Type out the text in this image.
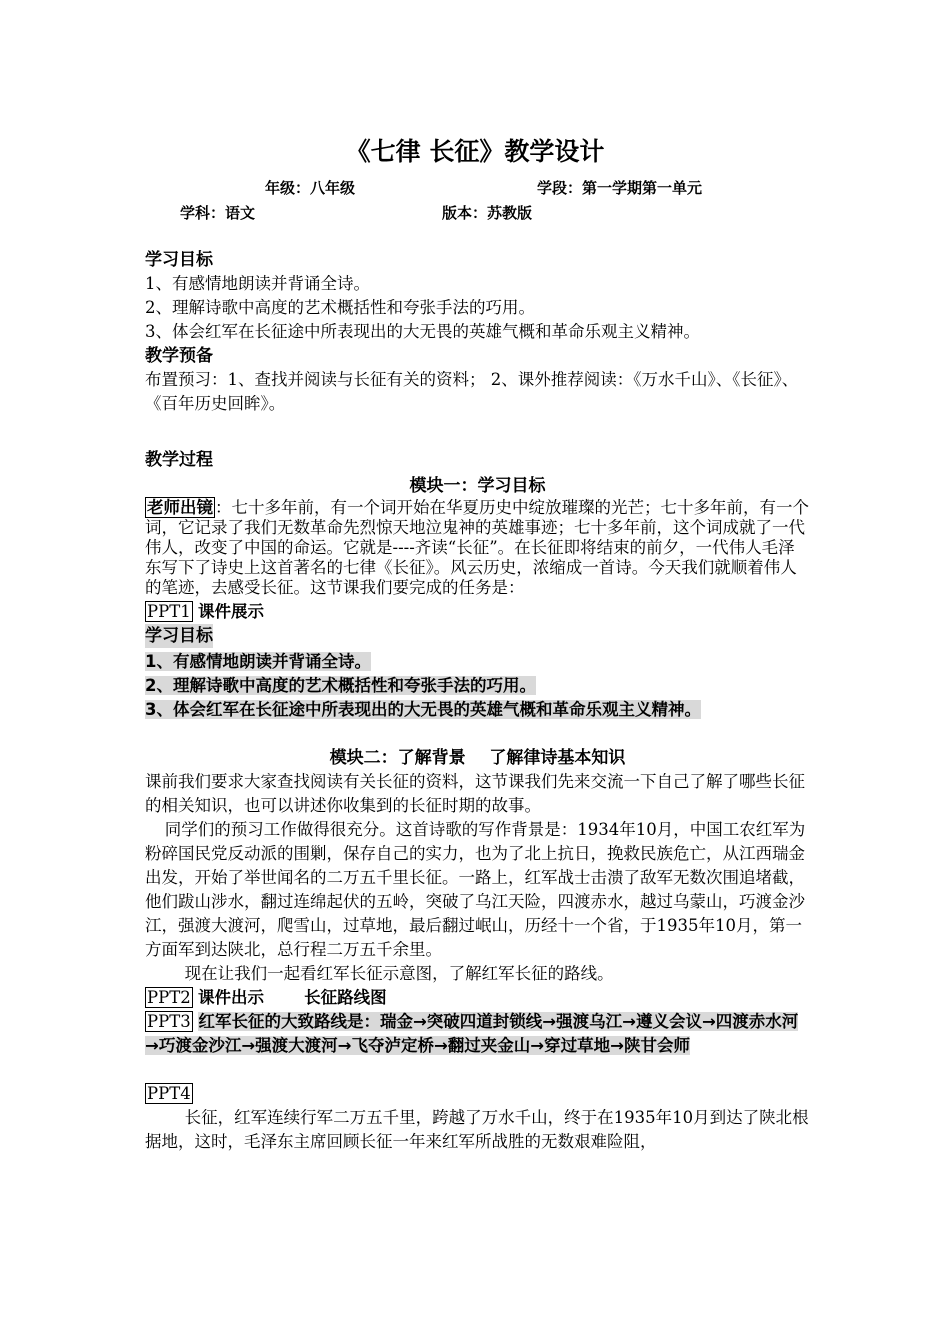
《七律 长征》教学设计
年级：八年级	学段：第一学期第一单元
学科：语文	版本：苏教版
学习目标

1、有感情地朗读并背诵全诗。

2、理解诗歌中高度的艺术概括性和夸张手法的巧用。

3、体会红军在长征途中所表现出的大无畏的英雄气概和革命乐观主义精神。

教学预备

布置预习：1、查找并阅读与长征有关的资料； 2、课外推荐阅读：《万水千山》、《长征》、《百年历史回眸》。

教学过程
模块一：学习目标

老师出镜 ：七十多年前，有一个词开始在华夏历史中绽放璀璨的光芒；七十多年前，有一个词，它记录了我们无数革命先烈惊天地泣鬼神的英雄事迹；七十多年前，这个词成就了一代伟人，改变了中国的命运。它就是----齐读“长征”。在长征即将结束的前夕，一代伟人毛泽东写下了诗史上这首著名的七律《长征》。风云历史，浓缩成一首诗。今天我们就顺着伟人的笔迹，去感受长征。这节课我们要完成的任务是：

PPT1 课件展示

学习目标

1、有感情地朗读并背诵全诗。

2、理解诗歌中高度的艺术概括性和夸张手法的巧用。

3、体会红军在长征途中所表现出的大无畏的英雄气概和革命乐观主义精神。

模块二：了解背景    了解律诗基本知识

课前我们要求大家查找阅读有关长征的资料，这节课我们先来交流一下自己了解了哪些长征的相关知识，也可以讲述你收集到的长征时期的故事。

同学们的预习工作做得很充分。这首诗歌的写作背景是：1934年10月，中国工农红军为粉碎国民党反动派的围剿，保存自己的实力，也为了北上抗日，挽救民族危亡，从江西瑞金出发，开始了举世闻名的二万五千里长征。一路上，红军战士击溃了敌军无数次围追堵截，他们跋山涉水，翻过连绵起伏的五岭，突破了乌江天险，四渡赤水，越过乌蒙山，巧渡金沙江，强渡大渡河，爬雪山，过草地，最后翻过岷山，历经十一个省，于1935年10月，第一方面军到达陕北，总行程二万五千余里。

现在让我们一起看红军长征示意图，了解红军长征的路线。

PPT2 课件出示       长征路线图

PPT3 红军长征的大致路线是：瑞金→突破四道封锁线→强渡乌江→遵义会议→四渡赤水河→巧渡金沙江→强渡大渡河→飞夺泸定桥→翻过夹金山→穿过草地→陕甘会师

PPT4

长征，红军连续行军二万五千里，跨越了万水千山，终于在1935年10月到达了陕北根据地，这时，毛泽东主席回顾长征一年来红军所战胜的无数艰难险阻，
